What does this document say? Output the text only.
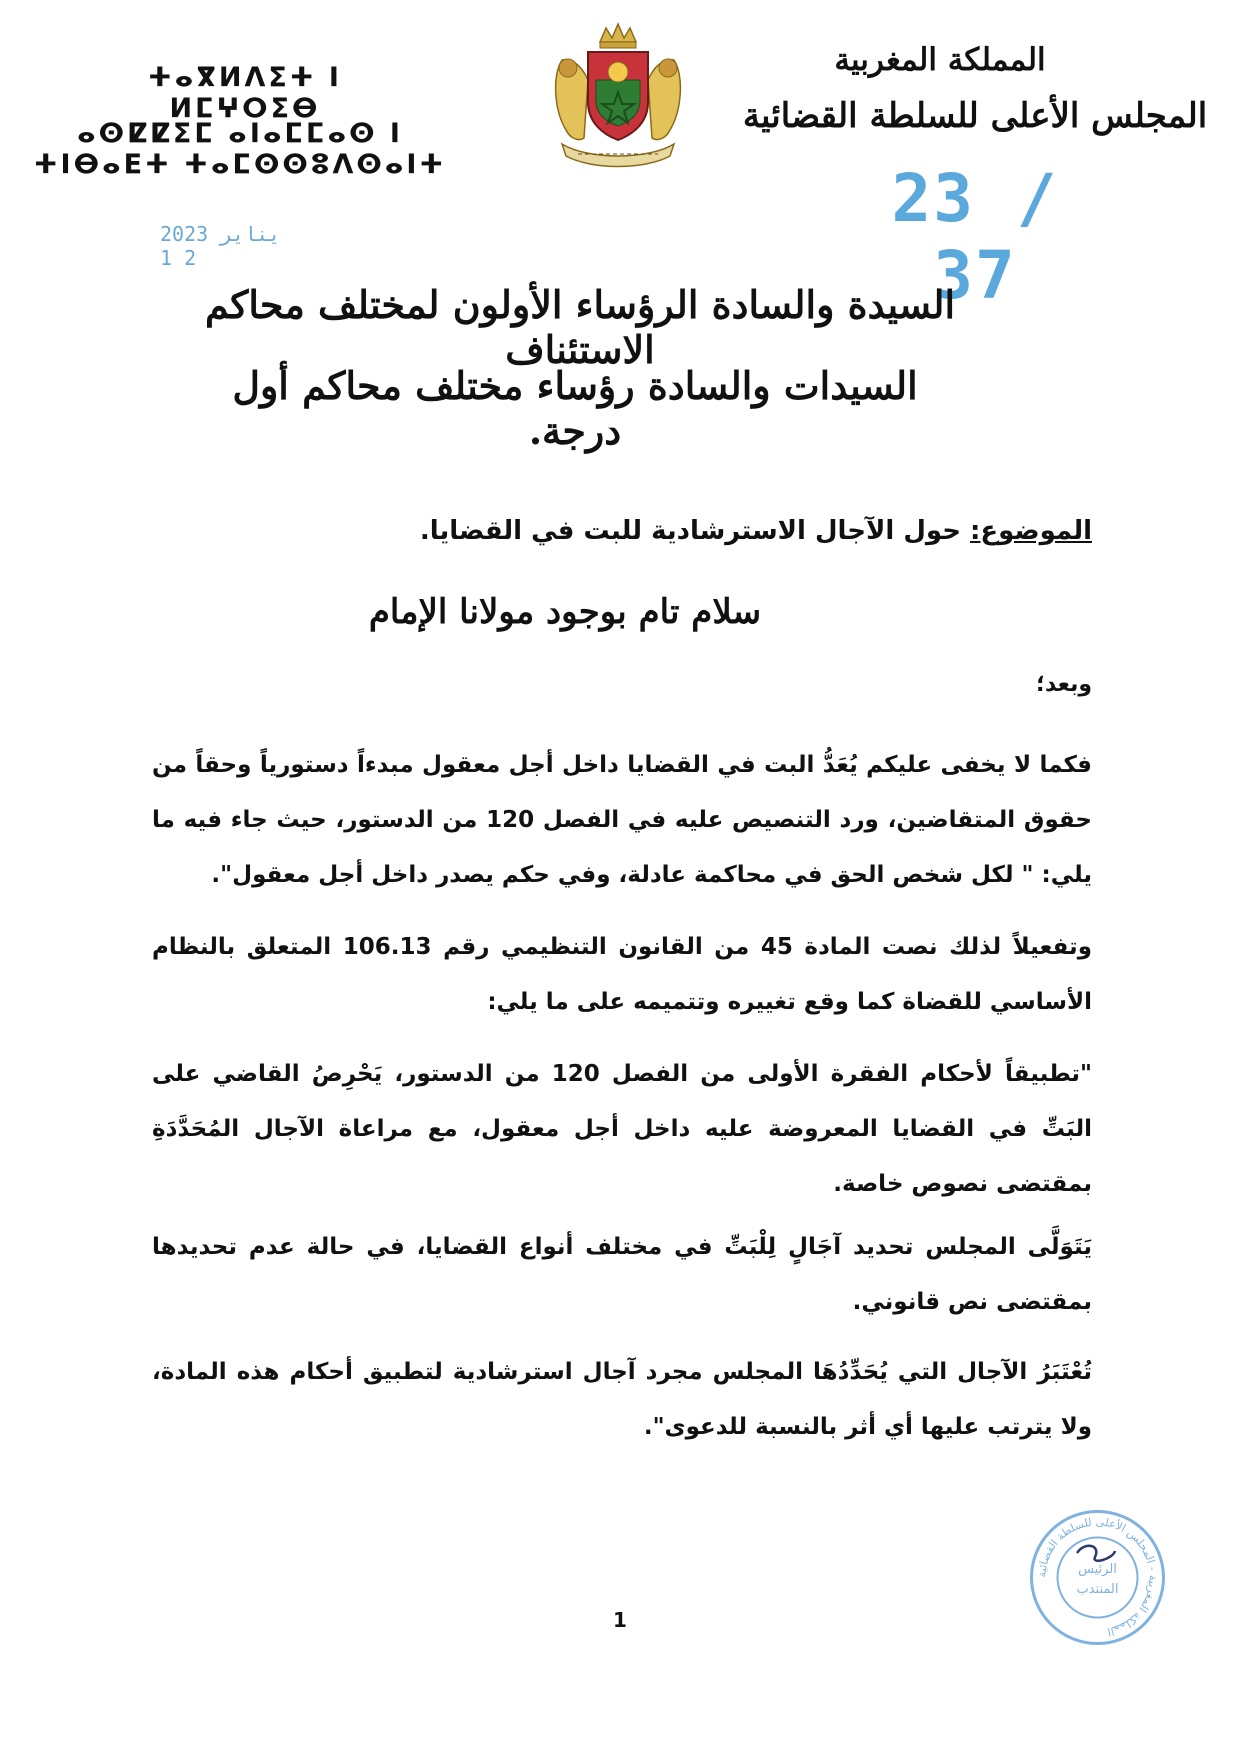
ⵜⴰⴳⵍⴷⵉⵜ ⵏ ⵍⵎⵖⵔⵉⴱ
ⴰⵙⵇⵇⵉⵎ ⴰⵏⴰⵎⵎⴰⵙ ⵏ ⵜⵏⴱⴰⴹⵜ ⵜⴰⵎⵙⵙⵓⴷⵙⴰⵏⵜ
المملكة المغربية
المجلس الأعلى للسلطة القضائية
23 / 37
2023 يناير 2 1
السيدة والسادة الرؤساء الأولون لمختلف محاكم الاستئناف
السيدات والسادة رؤساء مختلف محاكم أول درجة.
الموضوع: حول الآجال الاسترشادية للبت في القضايا.
سلام تام بوجود مولانا الإمام
وبعد؛
فكما لا يخفى عليكم يُعَدُّ البت في القضايا داخل أجل معقول مبدءاً دستورياً وحقاً من حقوق المتقاضين، ورد التنصيص عليه في الفصل 120 من الدستور، حيث جاء فيه ما يلي: " لكل شخص الحق في محاكمة عادلة، وفي حكم يصدر داخل أجل معقول".
وتفعيلاً لذلك نصت المادة 45 من القانون التنظيمي رقم 106.13 المتعلق بالنظام الأساسي للقضاة كما وقع تغييره وتتميمه على ما يلي:
"تطبيقاً لأحكام الفقرة الأولى من الفصل 120 من الدستور، يَحْرِصُ القاضي على البَتِّ في القضايا المعروضة عليه داخل أجل معقول، مع مراعاة الآجال المُحَدَّدَةِ بمقتضى نصوص خاصة.
يَتَوَلَّى المجلس تحديد آجَالٍ لِلْبَتِّ في مختلف أنواع القضايا، في حالة عدم تحديدها بمقتضى نص قانوني.
تُعْتَبَرُ الآجال التي يُحَدِّدُهَا المجلس مجرد آجال استرشادية لتطبيق أحكام هذه المادة، ولا يترتب عليها أي أثر بالنسبة للدعوى".
1
المملكة المغربية - المجلس الأعلى للسلطة القضائية
الرئيس
المنتدب
